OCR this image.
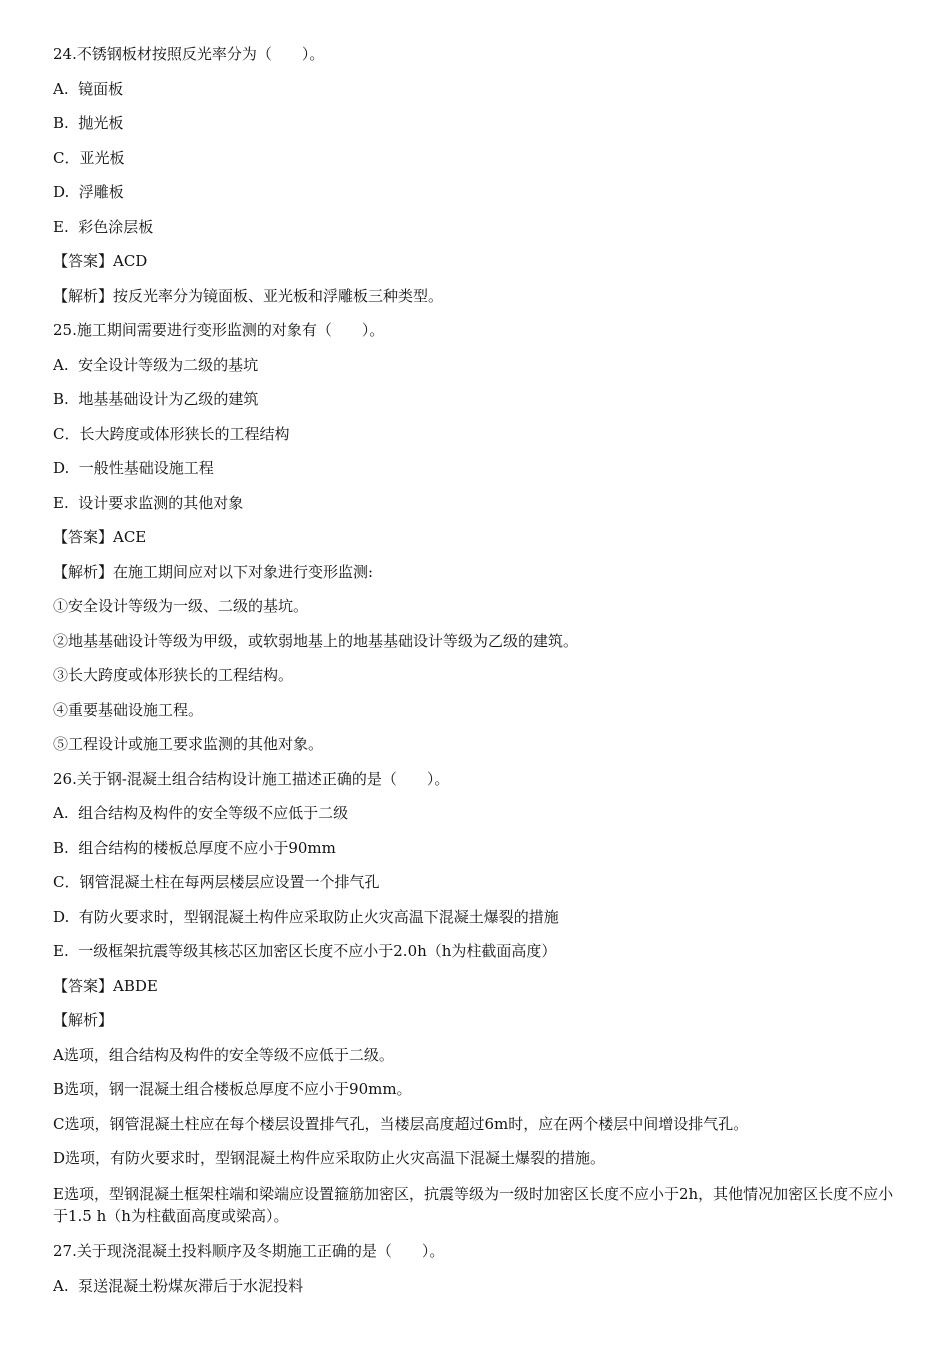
24.不锈钢板材按照反光率分为（　　）。
A.  镜面板
B.  抛光板
C．亚光板
D.  浮雕板
E.  彩色涂层板
【答案】ACD
【解析】按反光率分为镜面板、亚光板和浮雕板三种类型。
25.施工期间需要进行变形监测的对象有（　　）。
A.  安全设计等级为二级的基坑
B.  地基基础设计为乙级的建筑
C．长大跨度或体形狭长的工程结构
D.  一般性基础设施工程
E.  设计要求监测的其他对象
【答案】ACE
【解析】在施工期间应对以下对象进行变形监测:
①安全设计等级为一级、二级的基坑。
②地基基础设计等级为甲级，或软弱地基上的地基基础设计等级为乙级的建筑。
③长大跨度或体形狭长的工程结构。
④重要基础设施工程。
⑤工程设计或施工要求监测的其他对象。
26.关于钢-混凝土组合结构设计施工描述正确的是（　　）。
A.  组合结构及构件的安全等级不应低于二级
B.  组合结构的楼板总厚度不应小于90mm
C．钢管混凝土柱在每两层楼层应设置一个排气孔
D.  有防火要求时，型钢混凝土构件应采取防止火灾高温下混凝土爆裂的措施
E.  一级框架抗震等级其核芯区加密区长度不应小于2.0h（h为柱截面高度）
【答案】ABDE
【解析】
A选项，组合结构及构件的安全等级不应低于二级。
B选项，钢一混凝土组合楼板总厚度不应小于90mm。
C选项，钢管混凝土柱应在每个楼层设置排气孔，当楼层高度超过6m时，应在两个楼层中间增设排气孔。
D选项，有防火要求时，型钢混凝土构件应采取防止火灾高温下混凝土爆裂的措施。
E选项，型钢混凝土框架柱端和梁端应设置箍筋加密区，抗震等级为一级时加密区长度不应小于2h，其他情况加密区长度不应小于1.5 h（h为柱截面高度或梁高）。
27.关于现浇混凝土投料顺序及冬期施工正确的是（　　）。
A.  泵送混凝土粉煤灰滞后于水泥投料
